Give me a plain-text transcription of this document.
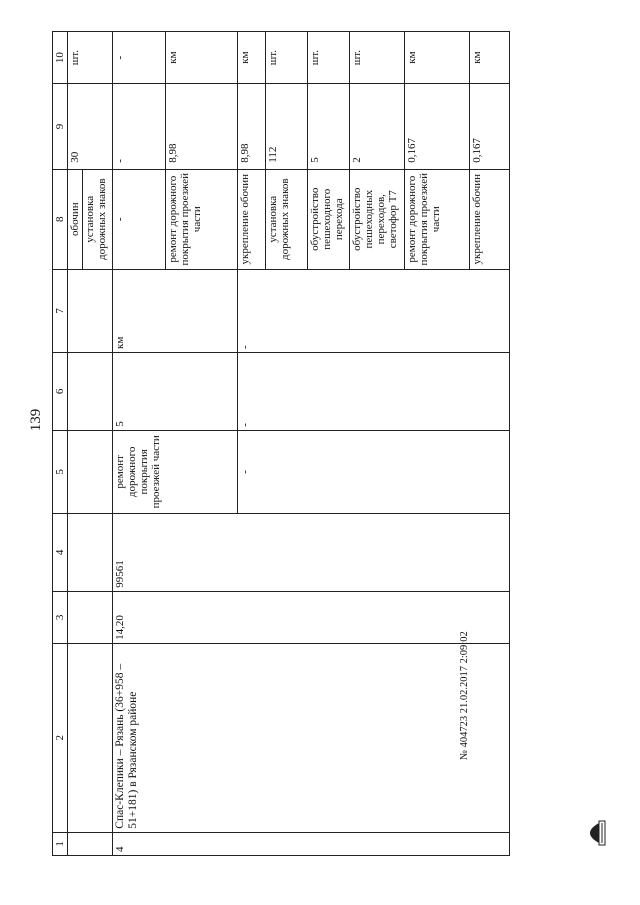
139
1	2	3	4	5	6	7	8	9	10
							обочин	30	шт.
							установка дорожных знаков		
4	Спас-Клепики – Рязань (36+958 – 51+181) в Рязанском районе	14,20	99561	ремонт дорожного покрытия проезжей части	5	км	-	-	-
							ремонт дорожного покрытия проезжей части	8,98	км
				-	-	-	укрепление обочин	8,98	км
							установка дорожных знаков	112	шт.
							обустройство пешеходного перехода	5	шт.
							обустройство пешеходных переходов, светофор Т7	2	шт.
							ремонт дорожного покрытия проезжей части	0,167	км
							укрепление обочин	0,167	км
№ 404723 21.02.2017 2:09:02
